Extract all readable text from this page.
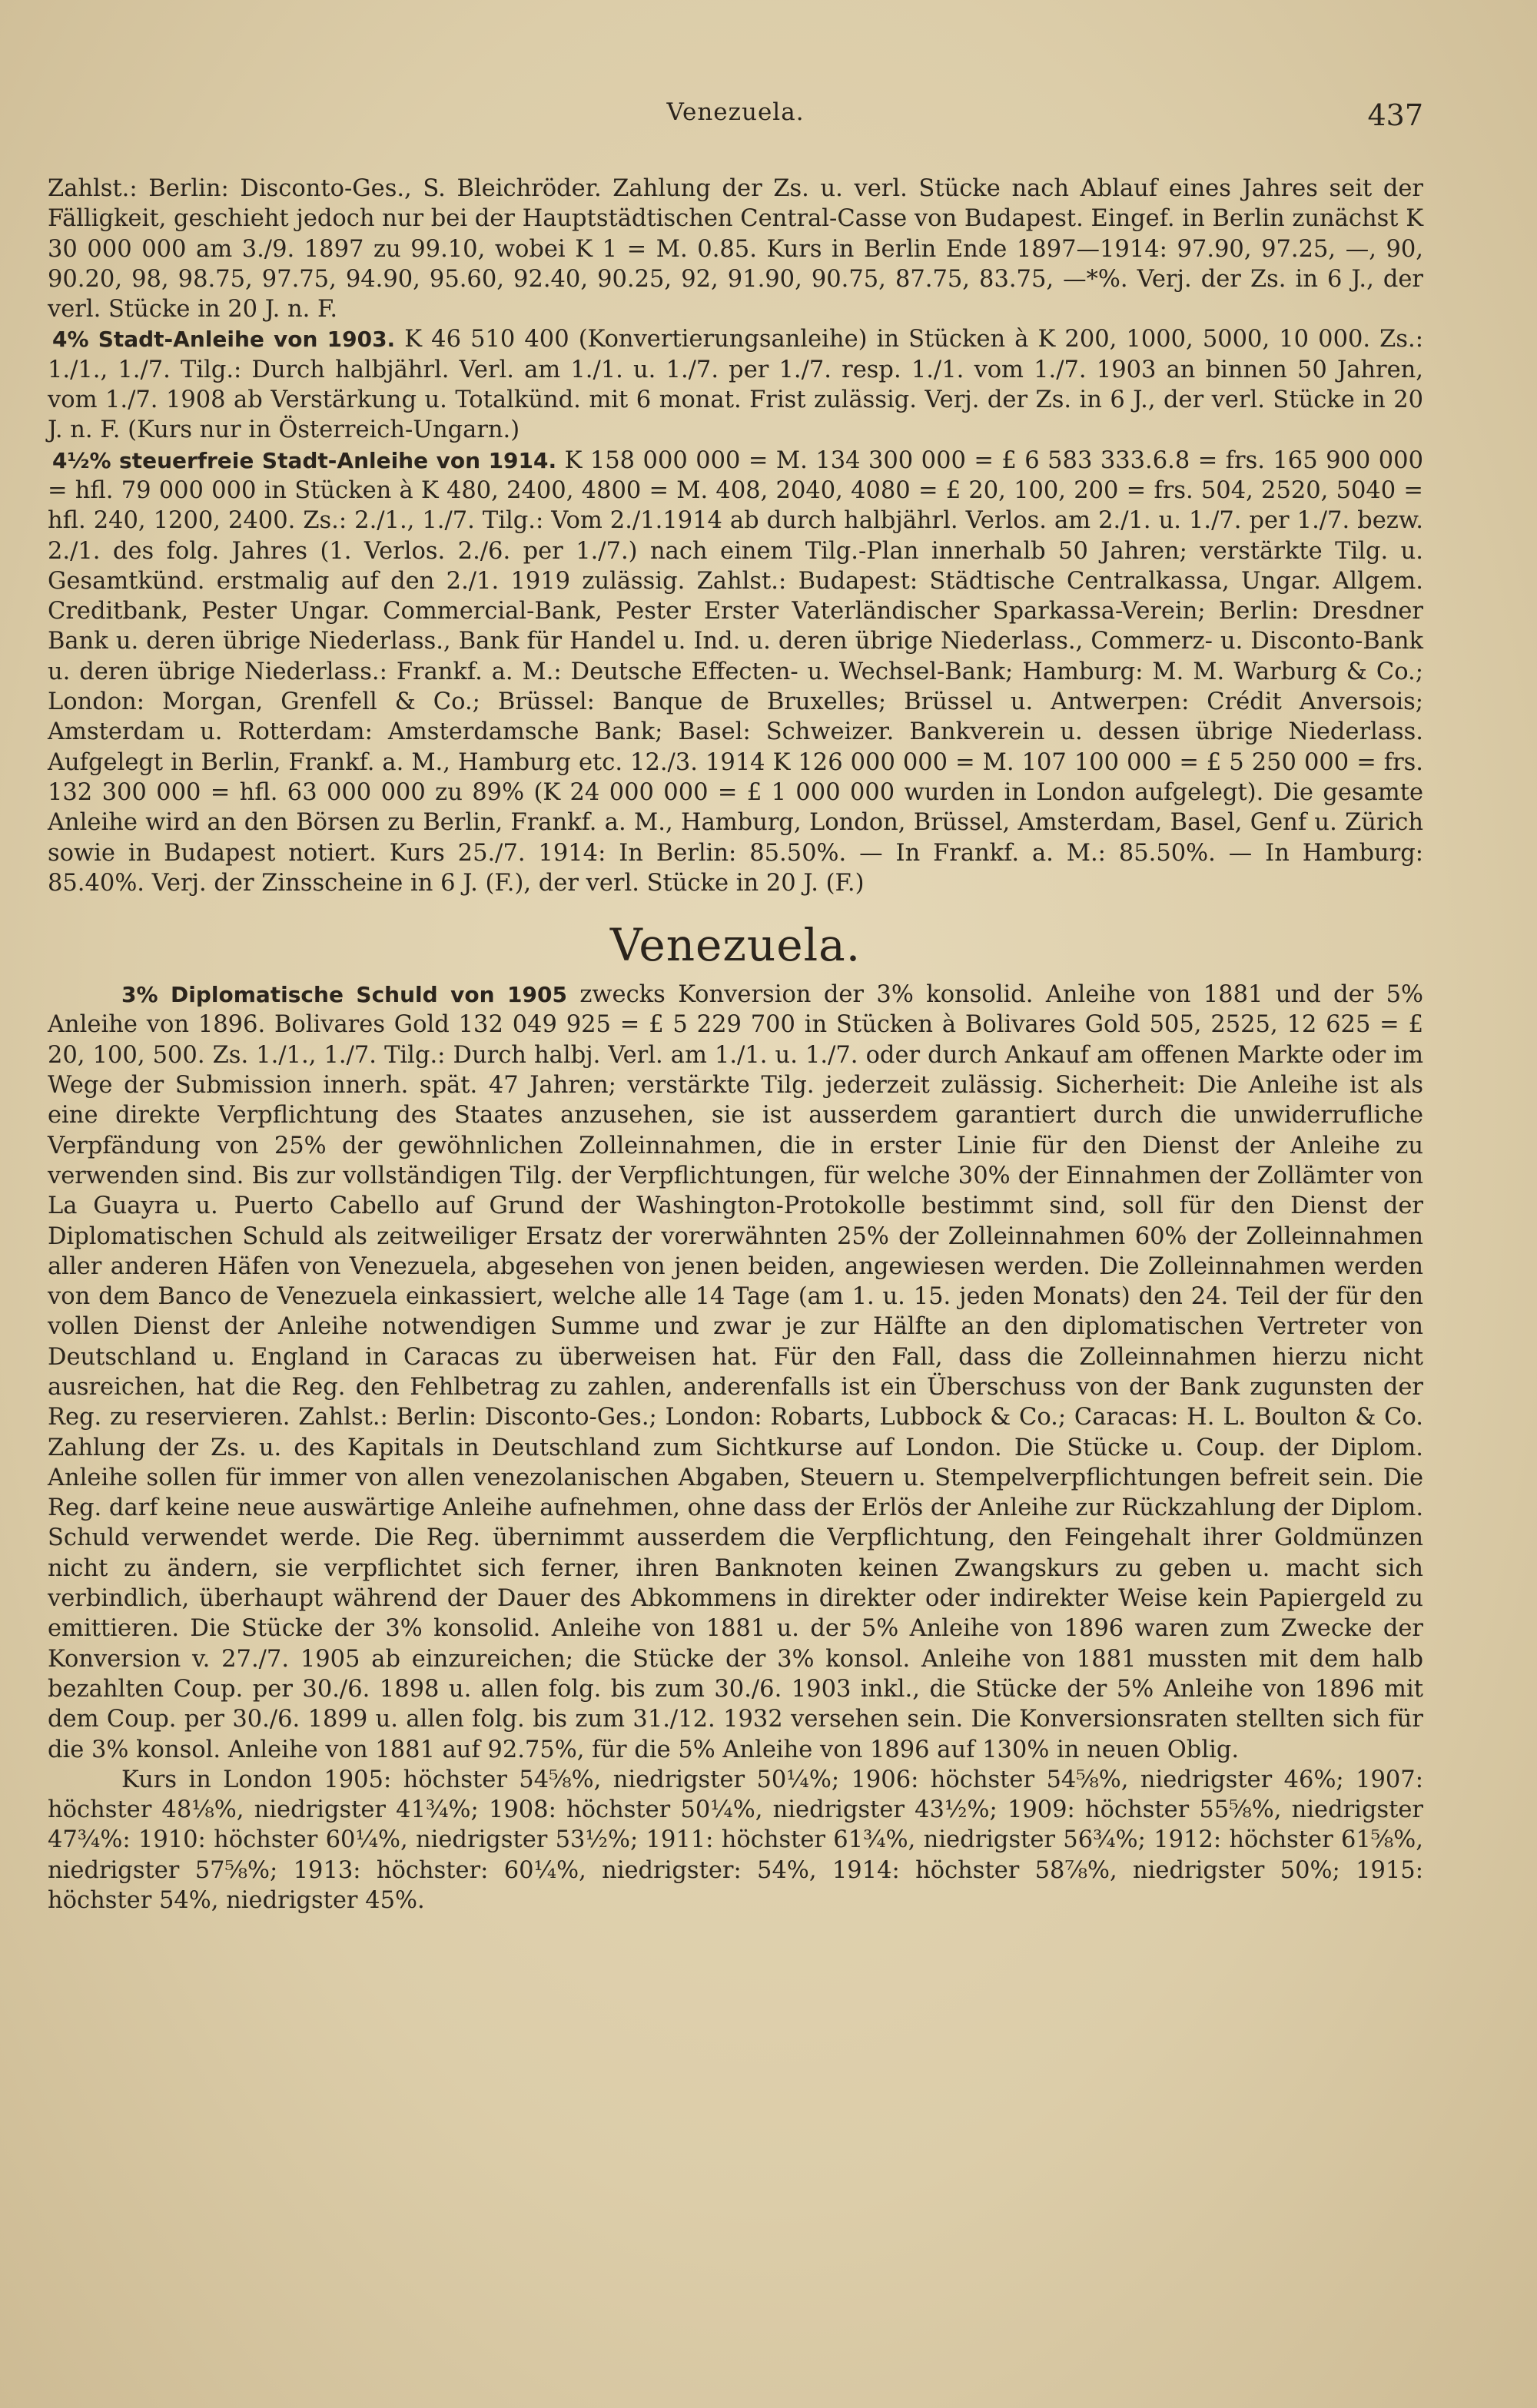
Venezuela.	437

Zahlst.: Berlin: Disconto-Ges., S. Bleichröder. Zahlung der Zs. u. verl. Stücke nach Ablauf eines Jahres seit der Fälligkeit, geschieht jedoch nur bei der Hauptstädtischen Central-Casse von Budapest. Eingef. in Berlin zunächst K 30 000 000 am 3./9. 1897 zu 99.10, wobei K 1 = M. 0.85. Kurs in Berlin Ende 1897—1914: 97.90, 97.25, —, 90, 90.20, 98, 98.75, 97.75, 94.90, 95.60, 92.40, 90.25, 92, 91.90, 90.75, 87.75, 83.75, —*%. Verj. der Zs. in 6 J., der verl. Stücke in 20 J. n. F.

4% Stadt-Anleihe von 1903. K 46 510 400 (Konvertierungsanleihe) in Stücken à K 200, 1000, 5000, 10 000. Zs.: 1./1., 1./7. Tilg.: Durch halbjährl. Verl. am 1./1. u. 1./7. per 1./7. resp. 1./1. vom 1./7. 1903 an binnen 50 Jahren, vom 1./7. 1908 ab Verstärkung u. Totalkünd. mit 6 monat. Frist zulässig. Verj. der Zs. in 6 J., der verl. Stücke in 20 J. n. F. (Kurs nur in Österreich-Ungarn.)

4½% steuerfreie Stadt-Anleihe von 1914. K 158 000 000 = M. 134 300 000 = £ 6 583 333.6.8 = frs. 165 900 000 = hfl. 79 000 000 in Stücken à K 480, 2400, 4800 = M. 408, 2040, 4080 = £ 20, 100, 200 = frs. 504, 2520, 5040 = hfl. 240, 1200, 2400. Zs.: 2./1., 1./7. Tilg.: Vom 2./1.1914 ab durch halbjährl. Verlos. am 2./1. u. 1./7. per 1./7. bezw. 2./1. des folg. Jahres (1. Verlos. 2./6. per 1./7.) nach einem Tilg.-Plan innerhalb 50 Jahren; verstärkte Tilg. u. Gesamtkünd. erstmalig auf den 2./1. 1919 zulässig. Zahlst.: Budapest: Städtische Centralkassa, Ungar. Allgem. Creditbank, Pester Ungar. Commercial-Bank, Pester Erster Vaterländischer Sparkassa-Verein; Berlin: Dresdner Bank u. deren übrige Niederlass., Bank für Handel u. Ind. u. deren übrige Niederlass., Commerz- u. Disconto-Bank u. deren übrige Niederlass.: Frankf. a. M.: Deutsche Effecten- u. Wechsel-Bank; Hamburg: M. M. Warburg & Co.; London: Morgan, Grenfell & Co.; Brüssel: Banque de Bruxelles; Brüssel u. Antwerpen: Crédit Anversois; Amsterdam u. Rotterdam: Amsterdamsche Bank; Basel: Schweizer. Bankverein u. dessen übrige Niederlass. Aufgelegt in Berlin, Frankf. a. M., Hamburg etc. 12./3. 1914 K 126 000 000 = M. 107 100 000 = £ 5 250 000 = frs. 132 300 000 = hfl. 63 000 000 zu 89% (K 24 000 000 = £ 1 000 000 wurden in London aufgelegt). Die gesamte Anleihe wird an den Börsen zu Berlin, Frankf. a. M., Hamburg, London, Brüssel, Amsterdam, Basel, Genf u. Zürich sowie in Budapest notiert. Kurs 25./7. 1914: In Berlin: 85.50%. — In Frankf. a. M.: 85.50%. — In Hamburg: 85.40%. Verj. der Zinsscheine in 6 J. (F.), der verl. Stücke in 20 J. (F.)

Venezuela.

3% Diplomatische Schuld von 1905 zwecks Konversion der 3% konsolid. Anleihe von 1881 und der 5% Anleihe von 1896. Bolivares Gold 132 049 925 = £ 5 229 700 in Stücken à Bolivares Gold 505, 2525, 12 625 = £ 20, 100, 500. Zs. 1./1., 1./7. Tilg.: Durch halbj. Verl. am 1./1. u. 1./7. oder durch Ankauf am offenen Markte oder im Wege der Submission innerh. spät. 47 Jahren; verstärkte Tilg. jederzeit zulässig. Sicherheit: Die Anleihe ist als eine direkte Verpflichtung des Staates anzusehen, sie ist ausserdem garantiert durch die unwiderrufliche Verpfändung von 25% der gewöhnlichen Zolleinnahmen, die in erster Linie für den Dienst der Anleihe zu verwenden sind. Bis zur vollständigen Tilg. der Verpflichtungen, für welche 30% der Einnahmen der Zollämter von La Guayra u. Puerto Cabello auf Grund der Washington-Protokolle bestimmt sind, soll für den Dienst der Diplomatischen Schuld als zeitweiliger Ersatz der vorerwähnten 25% der Zolleinnahmen 60% der Zolleinnahmen aller anderen Häfen von Venezuela, abgesehen von jenen beiden, angewiesen werden. Die Zolleinnahmen werden von dem Banco de Venezuela einkassiert, welche alle 14 Tage (am 1. u. 15. jeden Monats) den 24. Teil der für den vollen Dienst der Anleihe notwendigen Summe und zwar je zur Hälfte an den diplomatischen Vertreter von Deutschland u. England in Caracas zu überweisen hat. Für den Fall, dass die Zolleinnahmen hierzu nicht ausreichen, hat die Reg. den Fehlbetrag zu zahlen, anderenfalls ist ein Überschuss von der Bank zugunsten der Reg. zu reservieren. Zahlst.: Berlin: Disconto-Ges.; London: Robarts, Lubbock & Co.; Caracas: H. L. Boulton & Co. Zahlung der Zs. u. des Kapitals in Deutschland zum Sichtkurse auf London. Die Stücke u. Coup. der Diplom. Anleihe sollen für immer von allen venezolanischen Abgaben, Steuern u. Stempelverpflichtungen befreit sein. Die Reg. darf keine neue auswärtige Anleihe aufnehmen, ohne dass der Erlös der Anleihe zur Rückzahlung der Diplom. Schuld verwendet werde. Die Reg. übernimmt ausserdem die Verpflichtung, den Feingehalt ihrer Goldmünzen nicht zu ändern, sie verpflichtet sich ferner, ihren Banknoten keinen Zwangskurs zu geben u. macht sich verbindlich, überhaupt während der Dauer des Abkommens in direkter oder indirekter Weise kein Papiergeld zu emittieren. Die Stücke der 3% konsolid. Anleihe von 1881 u. der 5% Anleihe von 1896 waren zum Zwecke der Konversion v. 27./7. 1905 ab einzureichen; die Stücke der 3% konsol. Anleihe von 1881 mussten mit dem halb bezahlten Coup. per 30./6. 1898 u. allen folg. bis zum 30./6. 1903 inkl., die Stücke der 5% Anleihe von 1896 mit dem Coup. per 30./6. 1899 u. allen folg. bis zum 31./12. 1932 versehen sein. Die Konversionsraten stellten sich für die 3% konsol. Anleihe von 1881 auf 92.75%, für die 5% Anleihe von 1896 auf 130% in neuen Oblig.

Kurs in London 1905: höchster 54⅝%, niedrigster 50¼%; 1906: höchster 54⅝%, niedrigster 46%; 1907: höchster 48⅛%, niedrigster 41¾%; 1908: höchster 50¼%, niedrigster 43½%; 1909: höchster 55⅝%, niedrigster 47¾%: 1910: höchster 60¼%, niedrigster 53½%; 1911: höchster 61¾%, niedrigster 56¾%; 1912: höchster 61⅝%, niedrigster 57⅝%; 1913: höchster: 60¼%, niedrigster: 54%, 1914: höchster 58⅞%, niedrigster 50%; 1915: höchster 54%, niedrigster 45%.
